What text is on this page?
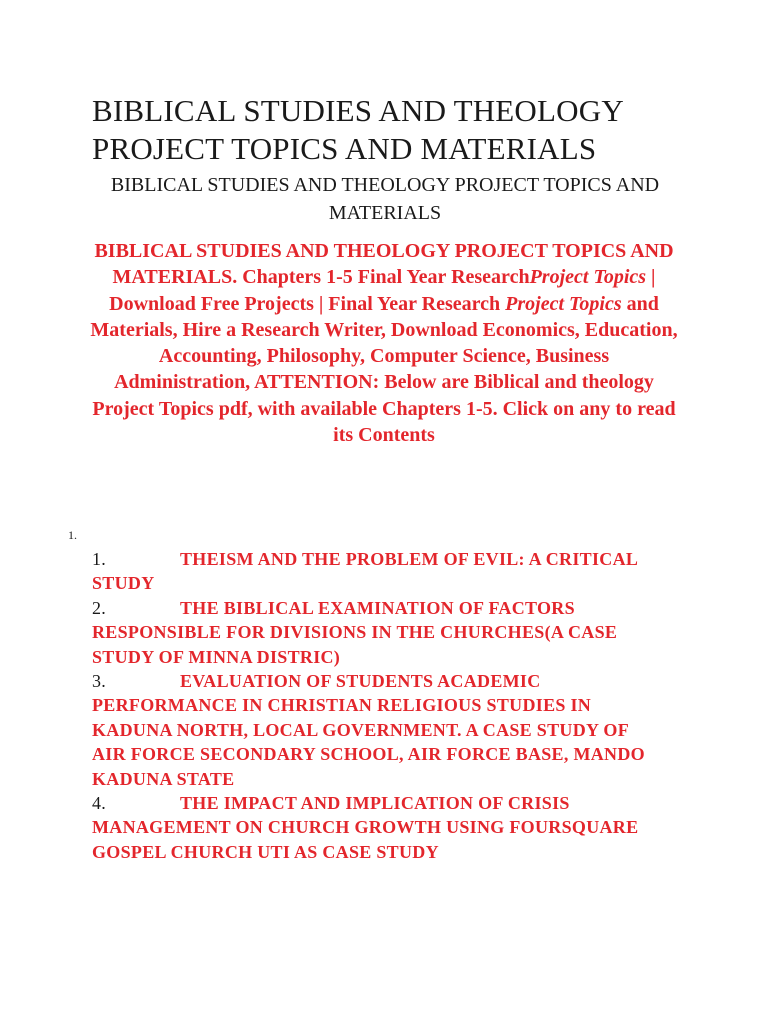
BIBLICAL STUDIES AND THEOLOGY PROJECT TOPICS AND MATERIALS

BIBLICAL STUDIES AND THEOLOGY PROJECT TOPICS AND MATERIALS

BIBLICAL STUDIES AND THEOLOGY PROJECT TOPICS AND MATERIALS. Chapters 1-5 Final Year ResearchProject Topics | Download Free Projects | Final Year Research Project Topics and Materials, Hire a Research Writer, Download Economics, Education, Accounting, Philosophy, Computer Science, Business Administration, ATTENTION: Below are Biblical and theology Project Topics pdf, with available Chapters 1-5. Click on any to read its Contents

1.
1.	THEISM AND THE PROBLEM OF EVIL: A CRITICAL STUDY
2.	THE BIBLICAL EXAMINATION OF FACTORS RESPONSIBLE FOR DIVISIONS IN THE CHURCHES(A CASE STUDY OF MINNA DISTRIC)
3.	EVALUATION OF STUDENTS ACADEMIC PERFORMANCE IN CHRISTIAN RELIGIOUS STUDIES IN KADUNA NORTH, LOCAL GOVERNMENT. A CASE STUDY OF AIR FORCE SECONDARY SCHOOL, AIR FORCE BASE, MANDO KADUNA STATE
4.	THE IMPACT AND IMPLICATION OF CRISIS MANAGEMENT ON CHURCH GROWTH USING FOURSQUARE GOSPEL CHURCH UTI AS CASE STUDY
